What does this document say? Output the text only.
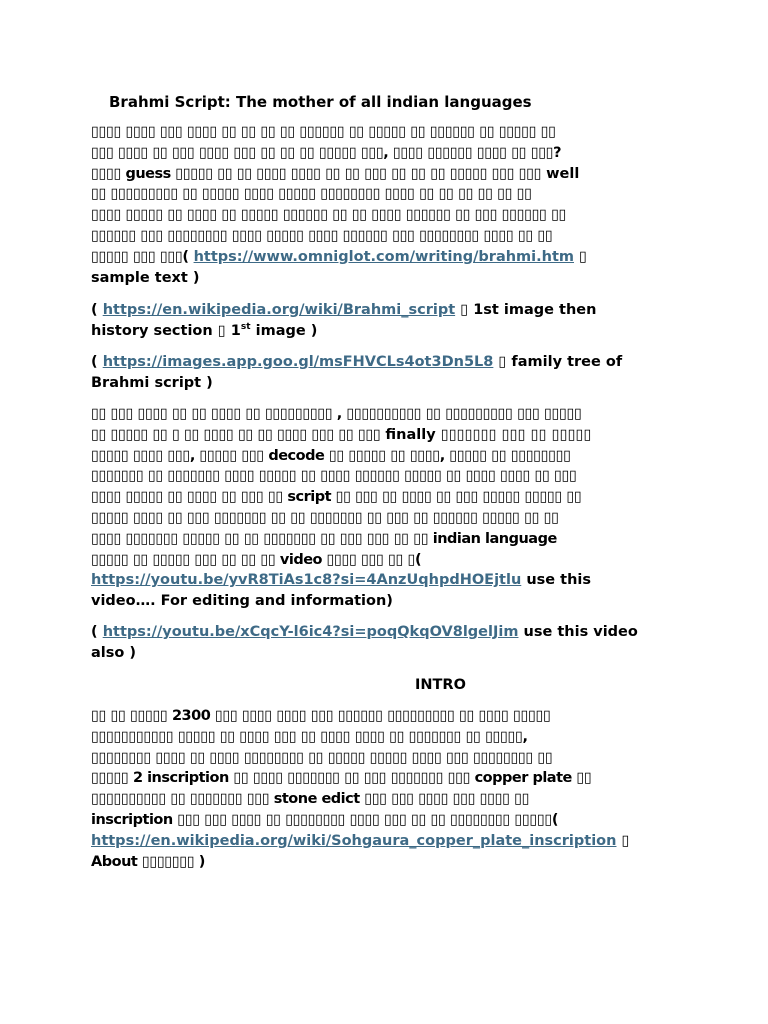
Brahmi Script: The mother of all indian languages
▯▯▯▯ ▯▯▯▯ ▯▯▯ ▯▯▯▯ ▯▯ ▯▯ ▯▯ ▯▯ ▯▯▯▯▯▯ ▯▯ ▯▯▯▯▯ ▯▯ ▯▯▯▯▯▯ ▯▯ ▯▯▯▯▯ ▯▯
▯▯▯ ▯▯▯▯ ▯▯ ▯▯▯ ▯▯▯▯ ▯▯▯ ▯▯ ▯▯ ▯▯ ▯▯▯▯▯ ▯▯▯, ▯▯▯▯ ▯▯▯▯▯▯ ▯▯▯▯ ▯▯ ▯▯▯?
▯▯▯▯ guess ▯▯▯▯▯ ▯▯ ▯▯ ▯▯▯▯ ▯▯▯▯ ▯▯ ▯▯ ▯▯▯ ▯▯ ▯▯ ▯▯ ▯▯▯▯▯ ▯▯▯ ▯▯▯ well
▯▯ ▯▯▯▯▯▯▯▯▯ ▯▯ ▯▯▯▯▯ ▯▯▯▯ ▯▯▯▯▯ ▯▯▯▯▯▯▯▯ ▯▯▯▯ ▯▯ ▯▯ ▯▯ ▯▯ ▯▯ ▯▯
▯▯▯▯ ▯▯▯▯▯ ▯▯ ▯▯▯▯ ▯▯ ▯▯▯▯▯ ▯▯▯▯▯▯ ▯▯ ▯▯ ▯▯▯▯ ▯▯▯▯▯▯ ▯▯ ▯▯▯ ▯▯▯▯▯▯ ▯▯
▯▯▯▯▯▯ ▯▯▯ ▯▯▯▯▯▯▯▯ ▯▯▯▯ ▯▯▯▯▯ ▯▯▯▯ ▯▯▯▯▯▯ ▯▯▯ ▯▯▯▯▯▯▯▯ ▯▯▯▯ ▯▯ ▯▯
▯▯▯▯▯ ▯▯▯ ▯▯▯( https://www.omniglot.com/writing/brahmi.htm ▯
sample text )
( https://en.wikipedia.org/wiki/Brahmi_script ▯ 1st image then
history section ▯ 1st image )
( https://images.app.goo.gl/msFHVCLs4ot3Dn5L8 ▯ family tree of
Brahmi script )
▯▯ ▯▯▯ ▯▯▯▯ ▯▯ ▯▯ ▯▯▯▯ ▯▯ ▯▯▯▯▯▯▯▯▯ , ▯▯▯▯▯▯▯▯▯▯ ▯▯ ▯▯▯▯▯▯▯▯▯ ▯▯▯ ▯▯▯▯▯
▯▯ ▯▯▯▯▯ ▯▯ ▯ ▯▯ ▯▯▯▯ ▯▯ ▯▯ ▯▯▯▯ ▯▯▯ ▯▯ ▯▯▯ finally ▯▯▯▯▯▯▯ ▯▯▯ ▯▯ ▯▯▯▯▯
▯▯▯▯▯ ▯▯▯▯ ▯▯▯, ▯▯▯▯▯ ▯▯▯ decode ▯▯ ▯▯▯▯▯ ▯▯ ▯▯▯▯, ▯▯▯▯▯ ▯▯ ▯▯▯▯▯▯▯▯
▯▯▯▯▯▯▯ ▯▯ ▯▯▯▯▯▯▯ ▯▯▯▯ ▯▯▯▯▯ ▯▯ ▯▯▯▯ ▯▯▯▯▯▯ ▯▯▯▯▯ ▯▯ ▯▯▯▯ ▯▯▯▯ ▯▯ ▯▯▯
▯▯▯▯ ▯▯▯▯▯ ▯▯ ▯▯▯▯ ▯▯ ▯▯▯ ▯▯ script ▯▯ ▯▯▯ ▯▯ ▯▯▯▯ ▯▯ ▯▯▯ ▯▯▯▯▯ ▯▯▯▯▯ ▯▯
▯▯▯▯▯ ▯▯▯▯ ▯▯ ▯▯▯ ▯▯▯▯▯▯▯ ▯▯ ▯▯ ▯▯▯▯▯▯▯ ▯▯ ▯▯▯ ▯▯ ▯▯▯▯▯▯ ▯▯▯▯▯ ▯▯ ▯▯
▯▯▯▯ ▯▯▯▯▯▯▯ ▯▯▯▯▯ ▯▯ ▯▯ ▯▯▯▯▯▯▯ ▯▯ ▯▯▯ ▯▯▯ ▯▯ ▯▯ indian language
▯▯▯▯▯ ▯▯ ▯▯▯▯▯ ▯▯▯ ▯▯ ▯▯ ▯▯ video ▯▯▯▯ ▯▯▯ ▯▯ ▯(
https://youtu.be/yvR8TiAs1c8?si=4AnzUqhpdHOEjtlu use this
video…. For editing and information)
( https://youtu.be/xCqcY-l6ic4?si=poqQkqOV8lgelJim use this video
also )
INTRO
▯▯ ▯▯ ▯▯▯▯▯ 2300 ▯▯▯ ▯▯▯▯ ▯▯▯▯ ▯▯▯ ▯▯▯▯▯▯ ▯▯▯▯▯▯▯▯▯ ▯▯ ▯▯▯▯ ▯▯▯▯▯
▯▯▯▯▯▯▯▯▯▯▯ ▯▯▯▯▯ ▯▯ ▯▯▯▯ ▯▯▯ ▯▯ ▯▯▯▯ ▯▯▯▯ ▯▯ ▯▯▯▯▯▯▯ ▯▯ ▯▯▯▯▯,
▯▯▯▯▯▯▯▯ ▯▯▯▯ ▯▯ ▯▯▯▯ ▯▯▯▯▯▯▯▯ ▯▯ ▯▯▯▯▯ ▯▯▯▯▯ ▯▯▯▯ ▯▯▯ ▯▯▯▯▯▯▯▯ ▯▯
▯▯▯▯▯ 2 inscription ▯▯ ▯▯▯▯ ▯▯▯▯▯▯▯ ▯▯ ▯▯▯ ▯▯▯▯▯▯▯ ▯▯▯ copper plate ▯▯
▯▯▯▯▯▯▯▯▯▯ ▯▯ ▯▯▯▯▯▯▯ ▯▯▯ stone edict ▯▯▯ ▯▯▯ ▯▯▯▯ ▯▯▯ ▯▯▯▯ ▯▯
inscription ▯▯▯ ▯▯▯ ▯▯▯▯ ▯▯ ▯▯▯▯▯▯▯▯ ▯▯▯▯ ▯▯▯ ▯▯ ▯▯ ▯▯▯▯▯▯▯▯ ▯▯▯▯▯(
https://en.wikipedia.org/wiki/Sohgaura_copper_plate_inscription ▯
About ▯▯▯▯▯▯▯ )
